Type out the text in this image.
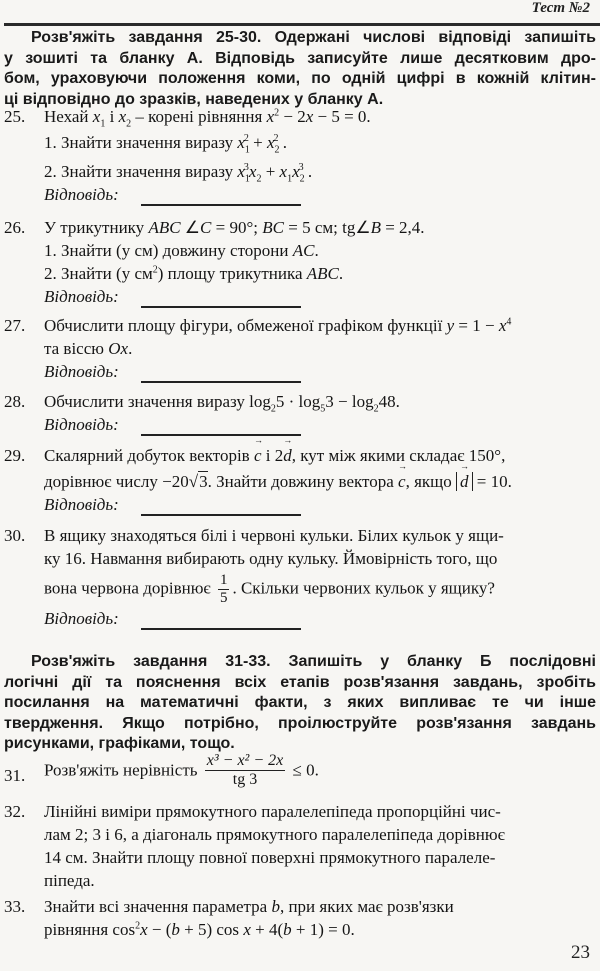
Тест №2
Розв'яжіть завдання 25-30. Одержані числові відповіді запишіть
у зошиті та бланку А. Відповідь записуйте лише десятковим дро-
бом, ураховуючи положення коми, по одній цифрі в кожній клітин-
ці відповідно до зразків, наведених у бланку А.
25. Нехай $x_1$ і $x_2$ – корені рівняння $x^2 - 2x - 5 = 0$.
1. Знайти значення виразу $x_1^2 + x_2^2$ .
2. Знайти значення виразу $x_1^3x_2 + x_1x_2^3$ .
Відповідь:
26. У трикутнику ABC ∠C = 90°; BC = 5 см; tg∠B = 2,4.
1. Знайти (у см) довжину сторони AC.
2. Знайти (у $см^2$) площу трикутника ABC.
Відповідь:
27. Обчислити площу фігури, обмеженої графіком функції $y = 1 - x^4$
та віссю Ox.
Відповідь:
28. Обчислити значення виразу $\log_25 \cdot \log_53 - \log_248$.
Відповідь:
29. Скалярний добуток векторів → c і 2→ d, кут між якими складає 150°,
дорівнює числу −20√3. Знайти довжину вектора → c, якщо → d = 10.
Відповідь:
30. В ящику знаходяться білі і червоні кульки. Білих кульок у ящи-
ку 16. Навмання вибирають одну кульку. Ймовірність того, що
вона червона дорівнює $\frac{1}{5}$ . Скільки червоних кульок у ящику?
Відповідь:
Розв'яжіть завдання 31-33. Запишіть у бланку Б послідовні
логічні дії та пояснення всіх етапів розв'язання завдань, зробіть
посилання на математичні факти, з яких випливає те чи інше
твердження. Якщо потрібно, проілюструйте розв'язання завдань
рисунками, графіками, тощо.
31. Розв'яжіть нерівність $\frac{\text{x³ − x² − 2x}}{tg 3} \le 0$.
32. Лінійні виміри прямокутного паралелепіпеда пропорційні чис-
лам 2; 3 і 6, а діагональ прямокутного паралелепіпеда дорівнює
14 см. Знайти площу повної поверхні прямокутного паралеле-
піпеда.
33. Знайти всі значення параметра b, при яких має розв'язки
рівняння $\cos^2x - (b + 5)$ cos x + 4(b + 1) = 0.
23
